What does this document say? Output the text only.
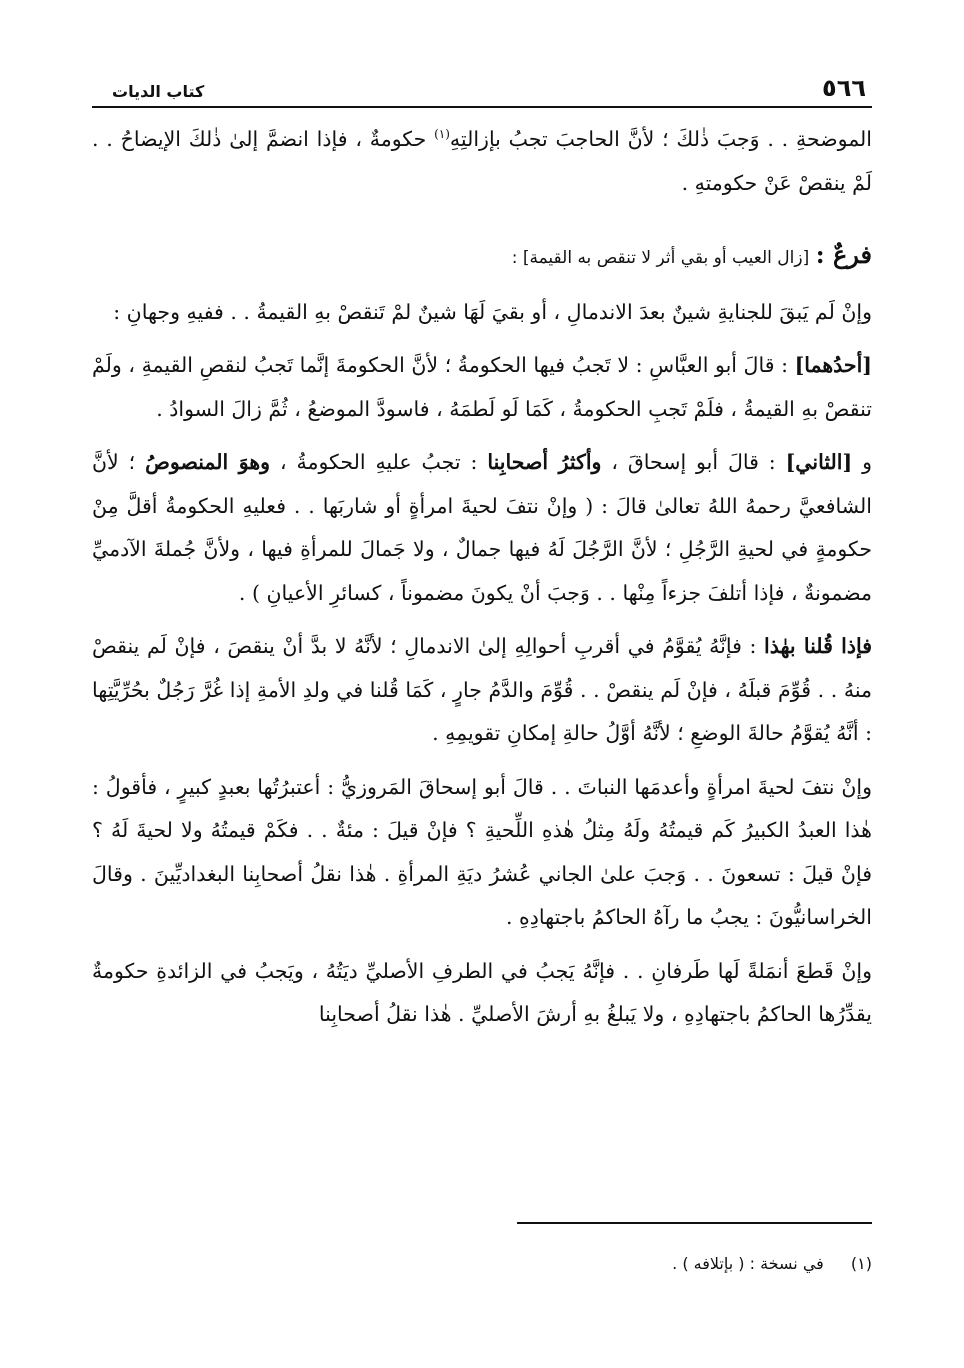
٥٦٦
كتاب الديات

الموضحةِ . . وَجبَ ذٰلكَ ؛ لأنَّ الحاجبَ تجبُ بإزالتِهِ$^{(١)}$ حكومةٌ ، فإذا انضمَّ إلىٰ ذٰلكَ الإيضاحُ . . لَمْ ينقصْ عَنْ حكومتهِ .

فرعٌ : [زال العيب أو بقي أثر لا تنقص به القيمة] :

وإنْ لَم يَبقَ للجنايةِ شينٌ بعدَ الاندمالِ ، أو بقيَ لَهَا شينٌ لمْ تَنقصْ بهِ القيمةُ . . ففيهِ وجهانِ :

[أحدُهما] : قالَ أبو العبَّاسِ : لا تَجبُ فيها الحكومةُ ؛ لأنَّ الحكومةَ إنَّما تَجبُ لنقصِ القيمةِ ، ولَمْ تنقصْ بهِ القيمةُ ، فلَمْ تَجبِ الحكومةُ ، كَمَا لَو لَطمَهُ ، فاسودَّ الموضعُ ، ثُمَّ زالَ السوادُ .

و [الثاني] : قالَ أبو إسحاقَ ، وأكثرُ أصحابِنا : تجبُ عليهِ الحكومةُ ، وهوَ المنصوصُ ؛ لأنَّ الشافعيَّ رحمهُ اللهُ تعالىٰ قالَ : ( وإنْ نتفَ لحيةَ امرأةٍ أو شاربَها . . فعليهِ الحكومةُ أقلَّ مِنْ حكومةٍ في لحيةِ الرَّجُلِ ؛ لأنَّ الرَّجُلَ لَهُ فيها جمالٌ ، ولا جَمالَ للمرأةِ فيها ، ولأنَّ جُملةَ الآدميِّ مضمونةٌ ، فإذا أتلفَ جزءاً مِنْها . . وَجبَ أنْ يكونَ مضموناً ، كسائرِ الأعيانِ ) .

فإذا قُلنا بهٰذا : فإنَّهُ يُقوَّمُ في أقربِ أحوالِهِ إلىٰ الاندمالِ ؛ لأنَّهُ لا بدَّ أنْ ينقصَ ، فإنْ لَم ينقصْ منهُ . . قُوِّمَ قبلَهُ ، فإنْ لَم ينقصْ . . قُوِّمَ والدَّمُ جارٍ ، كَمَا قُلنا في ولدِ الأمةِ إذا غُرَّ رَجُلٌ بحُرِّيَّتِها : أنَّهُ يُقوَّمُ حالةَ الوضعِ ؛ لأنَّهُ أوَّلُ حالةِ إمكانِ تقويمِهِ .

وإنْ نتفَ لحيةَ امرأةٍ وأعدمَها النباتَ . . قالَ أبو إسحاقَ المَروزيُّ : أعتبرُتُها بعبدٍ كبيرٍ ، فأقولُ : هٰذا العبدُ الكبيرُ كَم قيمتُهُ ولَهُ مِثلُ هٰذهِ اللِّحيةِ ؟ فإنْ قيلَ : مئةٌ . . فكَمْ قيمتُهُ ولا لحيةَ لَهُ ؟ فإنْ قيلَ : تسعونَ . . وَجبَ علىٰ الجاني عُشرُ ديَةِ المرأةِ . هٰذا نقلُ أصحابِنا البغداديِّينَ . وقالَ الخراسانيُّونَ : يجبُ ما رآهُ الحاكمُ باجتهادِهِ .

وإنْ قَطعَ أنمَلةً لَها طَرفانِ . . فإنَّهُ يَجبُ في الطرفِ الأصليِّ ديَتُهُ ، ويَجبُ في الزائدةِ حكومةٌ يقدِّرُها الحاكمُ باجتهادِهِ ، ولا يَبلغُ بهِ أرشَ الأصليِّ . هٰذا نقلُ أصحابِنا

(١) في نسخة : ( بإتلافه ) .
